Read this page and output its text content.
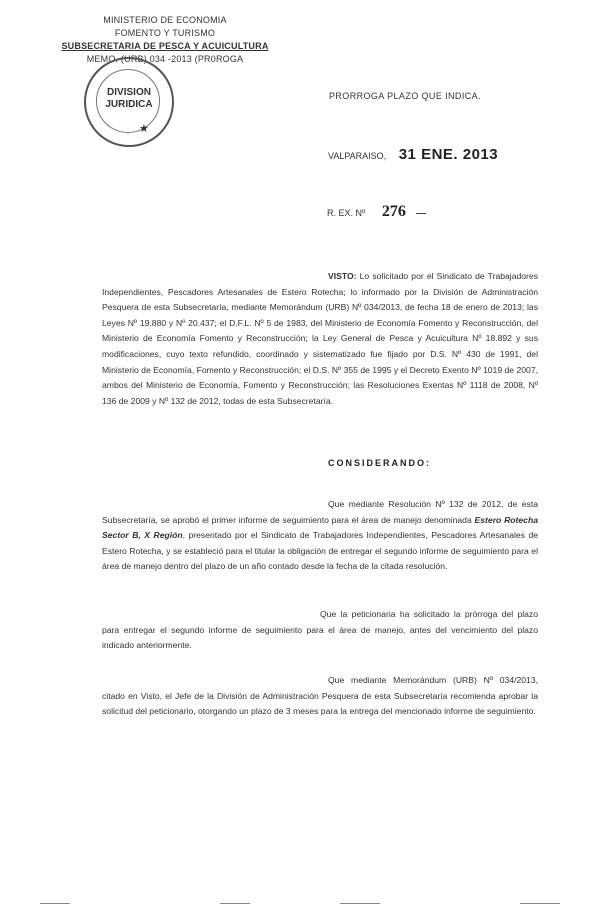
MINISTERIO DE ECONOMIA
FOMENTO Y TURISMO
SUBSECRETARIA DE PESCA Y ACUICULTURA
MEMO. (URB) 034 -2013 (PR0ROGA
DIVISION
JURIDICA
★
PRORROGA PLAZO QUE INDICA.
VALPARAISO, 31 ENE. 2013
R. EX. Nº 276
VISTO: Lo solicitado por el Sindicato de Trabajadores Independientes, Pescadores Artesanales de Estero Rotecha; lo informado por la División de Administración Pesquera de esta Subsecretaría, mediante Memorándum (URB) Nº 034/2013, de fecha 18 de enero de 2013; las Leyes Nº 19.880 y Nº 20.437; el D.F.L. Nº 5 de 1983, del Ministerio de Economía Fomento y Reconstrucción, del Ministerio de Economía Fomento y Reconstrucción; la Ley General de Pesca y Acuicultura Nº 18.892 y sus modificaciones, cuyo texto refundido, coordinado y sistematizado fue fijado por D.S. Nº 430 de 1991, del Ministerio de Economía, Fomento y Reconstrucción; el D.S. Nº 355 de 1995 y el Decreto Exento Nº 1019 de 2007, ambos del Ministerio de Economía, Fomento y Reconstrucción; las Resoluciones Exentas Nº 1118 de 2008, Nº 136 de 2009 y Nº 132 de 2012, todas de esta Subsecretaría.
CONSIDERANDO:
Que mediante Resolución Nº 132 de 2012, de esta Subsecretaría, se aprobó el primer informe de seguimiento para el área de manejo denominada Estero Rotecha Sector B, X Región, presentado por el Sindicato de Trabajadores Independientes, Pescadores Artesanales de Estero Rotecha, y se estableció para el titular la obligación de entregar el segundo informe de seguimiento para el área de manejo dentro del plazo de un año contado desde la fecha de la citada resolución.
Que la peticionaria ha solicitado la prórroga del plazo para entregar el segundo informe de seguimiento para el área de manejo, antes del vencimiento del plazo indicado anteriormente.
Que mediante Memorándum (URB) Nº 034/2013, citado en Visto, el Jefe de la División de Administración Pesquera de esta Subsecretaría recomienda aprobar la solicitud del peticionario, otorgando un plazo de 3 meses para la entrega del mencionado informe de seguimiento.
